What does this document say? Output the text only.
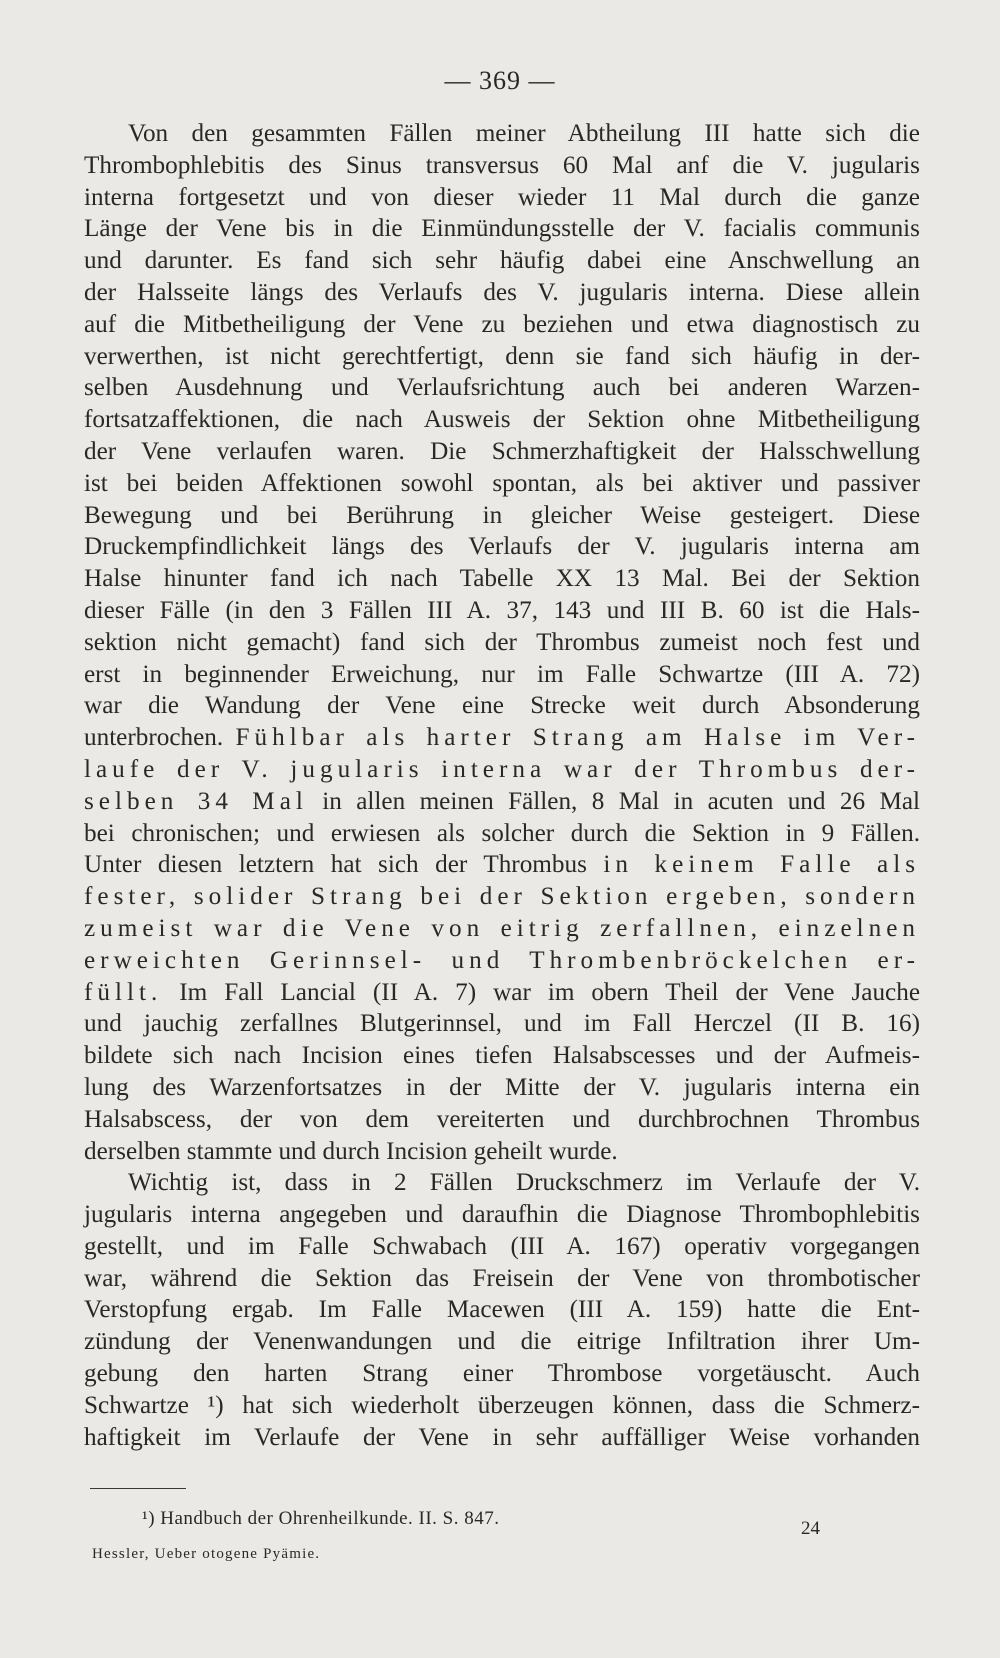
— 369 —
Von den gesammten Fällen meiner Abtheilung III hatte sich die
Thrombophlebitis des Sinus transversus 60 Mal anf die V. jugularis
interna fortgesetzt und von dieser wieder 11 Mal durch die ganze
Länge der Vene bis in die Einmündungsstelle der V. facialis communis
und darunter. Es fand sich sehr häufig dabei eine Anschwellung an
der Halsseite längs des Verlaufs des V. jugularis interna. Diese allein
auf die Mitbetheiligung der Vene zu beziehen und etwa diagnostisch zu
verwerthen, ist nicht gerechtfertigt, denn sie fand sich häufig in der-
selben Ausdehnung und Verlaufsrichtung auch bei anderen Warzen-
fortsatzaffektionen, die nach Ausweis der Sektion ohne Mitbetheiligung
der Vene verlaufen waren. Die Schmerzhaftigkeit der Halsschwellung
ist bei beiden Affektionen sowohl spontan, als bei aktiver und passiver
Bewegung und bei Berührung in gleicher Weise gesteigert. Diese
Druckempfindlichkeit längs des Verlaufs der V. jugularis interna am
Halse hinunter fand ich nach Tabelle XX 13 Mal. Bei der Sektion
dieser Fälle (in den 3 Fällen III A. 37, 143 und III B. 60 ist die Hals-
sektion nicht gemacht) fand sich der Thrombus zumeist noch fest und
erst in beginnender Erweichung, nur im Falle Schwartze (III A. 72)
war die Wandung der Vene eine Strecke weit durch Absonderung
unterbrochen. Fühlbar als harter Strang am Halse im Ver-
laufe der V. jugularis interna war der Thrombus der-
selben 34 Mal in allen meinen Fällen, 8 Mal in acuten und 26 Mal
bei chronischen; und erwiesen als solcher durch die Sektion in 9 Fällen.
Unter diesen letztern hat sich der Thrombus in keinem Falle als
fester, solider Strang bei der Sektion ergeben, sondern
zumeist war die Vene von eitrig zerfallnen, einzelnen
erweichten Gerinnsel- und Thrombenbröckelchen er-
füllt. Im Fall Lancial (II A. 7) war im obern Theil der Vene Jauche
und jauchig zerfallnes Blutgerinnsel, und im Fall Herczel (II B. 16)
bildete sich nach Incision eines tiefen Halsabscesses und der Aufmeis-
lung des Warzenfortsatzes in der Mitte der V. jugularis interna ein
Halsabscess, der von dem vereiterten und durchbrochnen Thrombus
derselben stammte und durch Incision geheilt wurde.
Wichtig ist, dass in 2 Fällen Druckschmerz im Verlaufe der V.
jugularis interna angegeben und daraufhin die Diagnose Thrombophlebitis
gestellt, und im Falle Schwabach (III A. 167) operativ vorgegangen
war, während die Sektion das Freisein der Vene von thrombotischer
Verstopfung ergab. Im Falle Macewen (III A. 159) hatte die Ent-
zündung der Venenwandungen und die eitrige Infiltration ihrer Um-
gebung den harten Strang einer Thrombose vorgetäuscht. Auch
Schwartze ¹) hat sich wiederholt überzeugen können, dass die Schmerz-
haftigkeit im Verlaufe der Vene in sehr auffälliger Weise vorhanden
¹) Handbuch der Ohrenheilkunde. II. S. 847.	24
Hessler, Ueber otogene Pyämie.
